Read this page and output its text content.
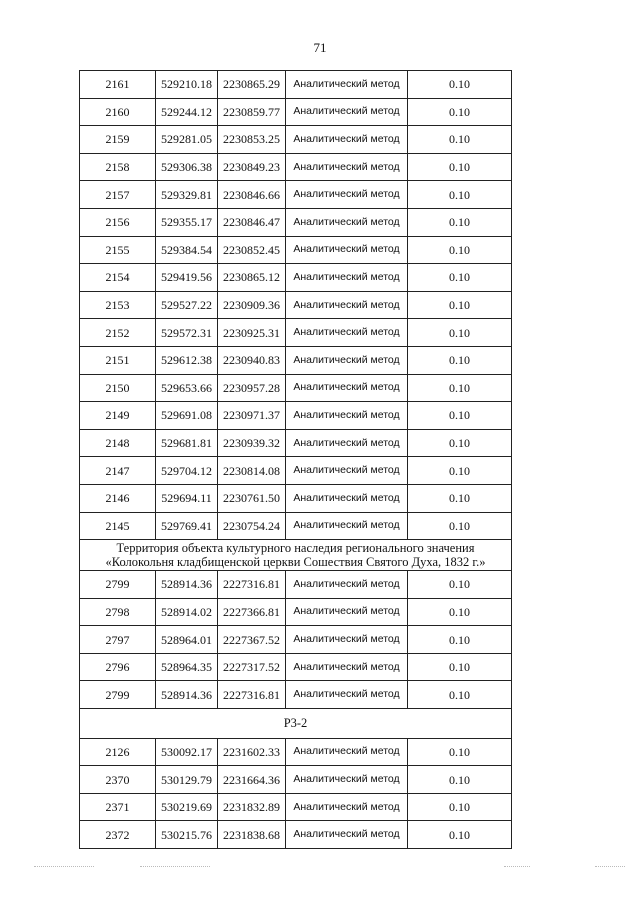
71
2161	529210.18	2230865.29	Аналитический метод	0.10
2160	529244.12	2230859.77	Аналитический метод	0.10
2159	529281.05	2230853.25	Аналитический метод	0.10
2158	529306.38	2230849.23	Аналитический метод	0.10
2157	529329.81	2230846.66	Аналитический метод	0.10
2156	529355.17	2230846.47	Аналитический метод	0.10
2155	529384.54	2230852.45	Аналитический метод	0.10
2154	529419.56	2230865.12	Аналитический метод	0.10
2153	529527.22	2230909.36	Аналитический метод	0.10
2152	529572.31	2230925.31	Аналитический метод	0.10
2151	529612.38	2230940.83	Аналитический метод	0.10
2150	529653.66	2230957.28	Аналитический метод	0.10
2149	529691.08	2230971.37	Аналитический метод	0.10
2148	529681.81	2230939.32	Аналитический метод	0.10
2147	529704.12	2230814.08	Аналитический метод	0.10
2146	529694.11	2230761.50	Аналитический метод	0.10
2145	529769.41	2230754.24	Аналитический метод	0.10
Территория объекта культурного наследия регионального значения «Колокольня кладбищенской церкви Сошествия Святого Духа, 1832 г.»				
2799	528914.36	2227316.81	Аналитический метод	0.10
2798	528914.02	2227366.81	Аналитический метод	0.10
2797	528964.01	2227367.52	Аналитический метод	0.10
2796	528964.35	2227317.52	Аналитический метод	0.10
2799	528914.36	2227316.81	Аналитический метод	0.10
Р3-2				
2126	530092.17	2231602.33	Аналитический метод	0.10
2370	530129.79	2231664.36	Аналитический метод	0.10
2371	530219.69	2231832.89	Аналитический метод	0.10
2372	530215.76	2231838.68	Аналитический метод	0.10
